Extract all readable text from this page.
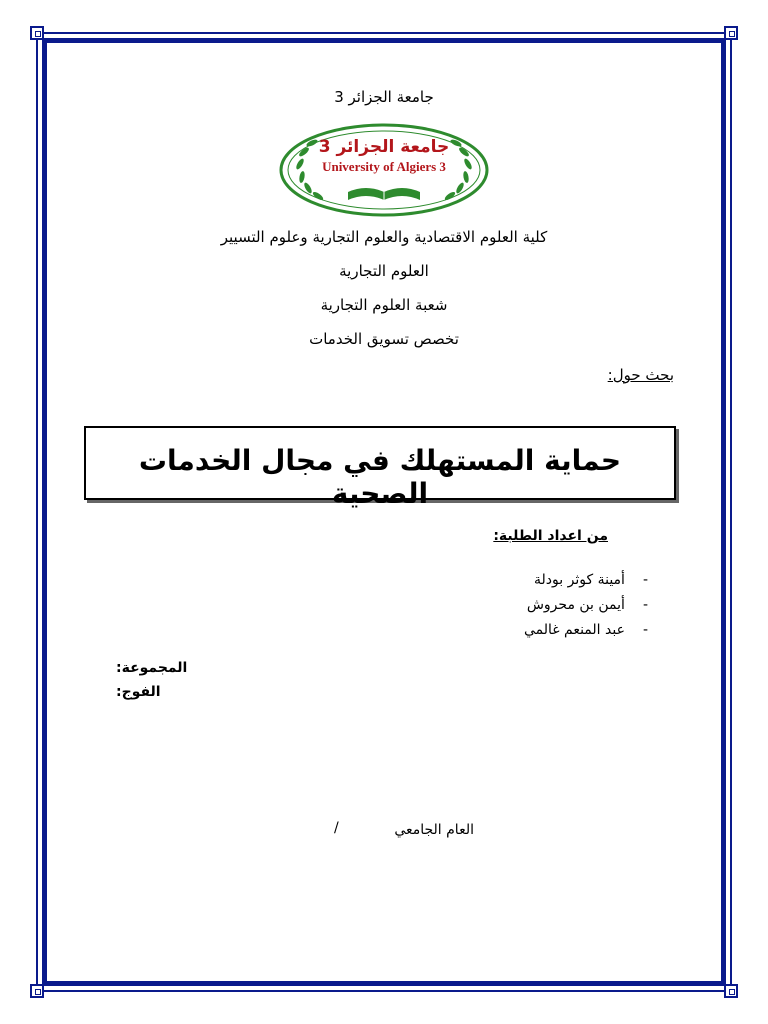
جامعة الجزائر 3
جامعة الجزائر 3
University of Algiers 3
كلية العلوم الاقتصادية والعلوم التجارية وعلوم التسيير
العلوم التجارية
شعبة العلوم التجارية
تخصص تسويق الخدمات
بحث حول:
حماية المستهلك في مجال الخدمات الصحية
من اعداد الطلبة:
-أمينة كوثر بودلة
-أيمن بن محروش
-عبد المنعم غالمي
المجموعة:
الفوج:
العام الجامعي
/
